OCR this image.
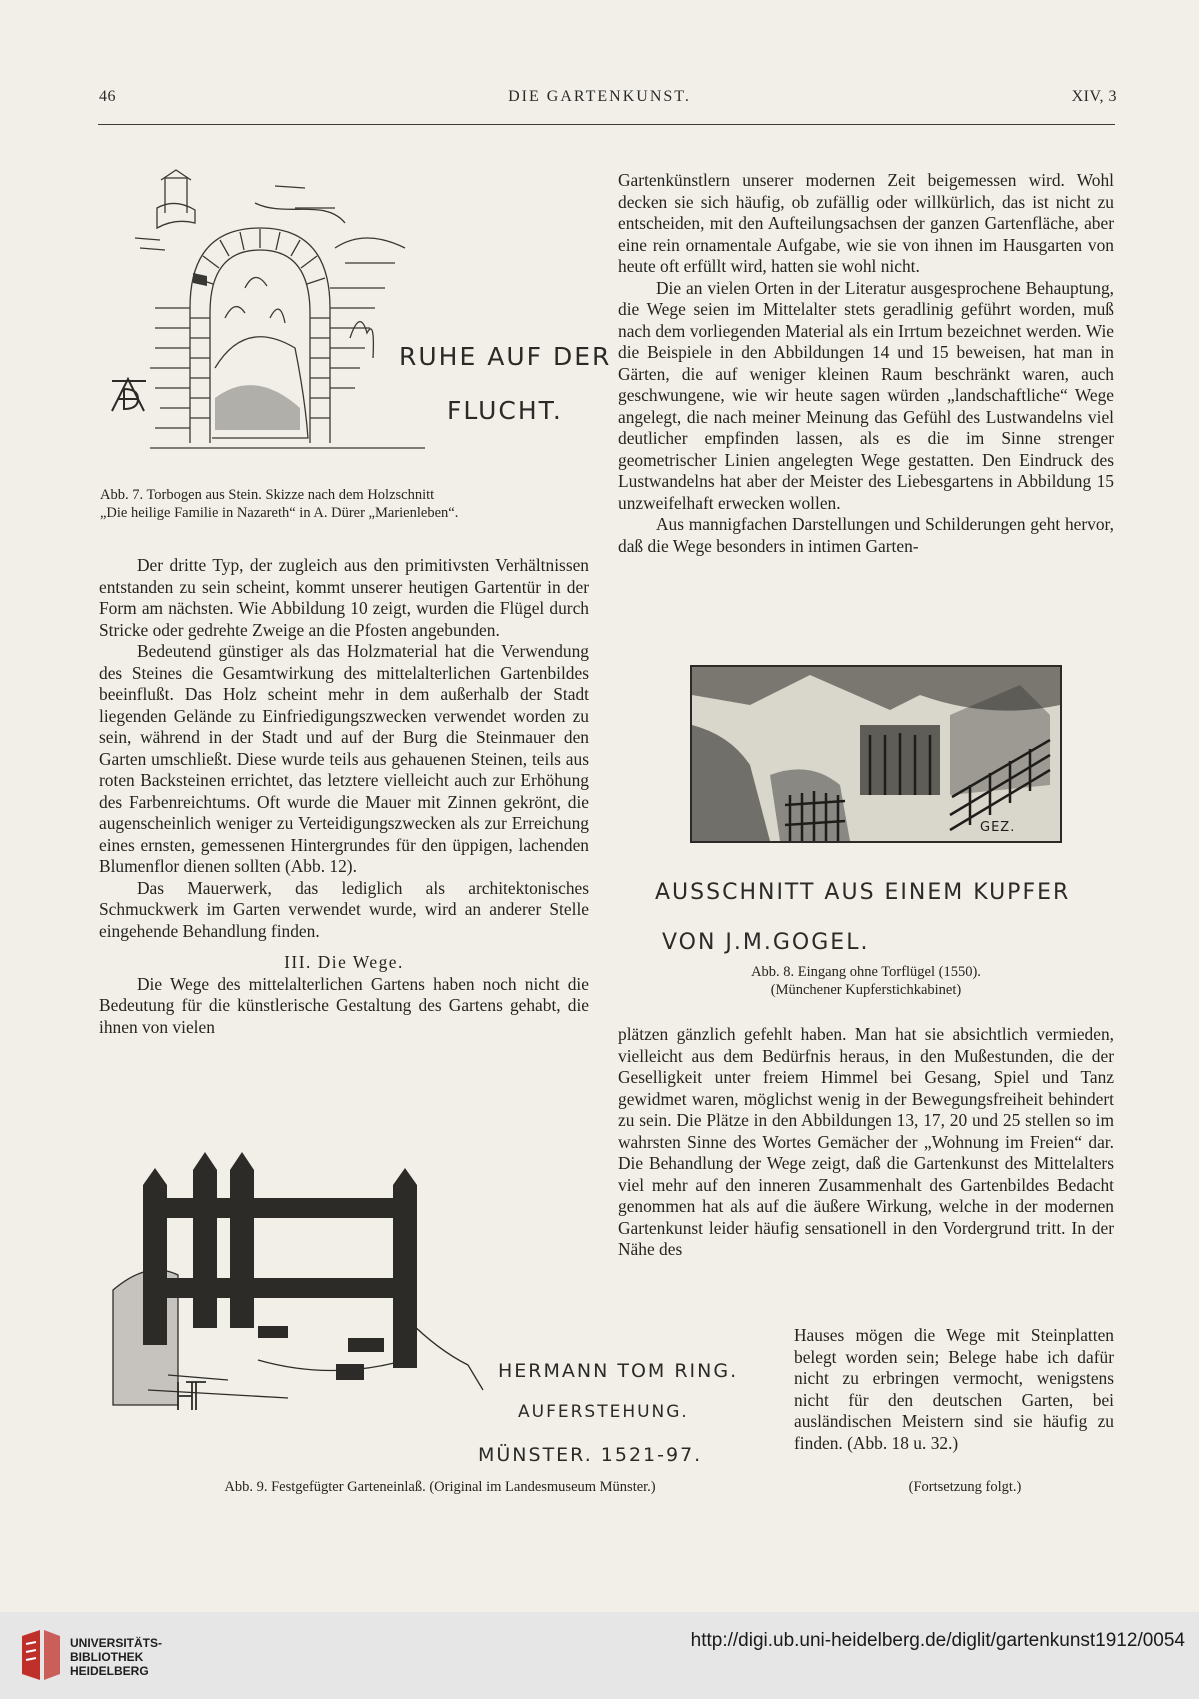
46	DIE GARTENKUNST.	XIV, 3
RUHE AUF DER
FLUCHT.
Abb. 7. Torbogen aus Stein. Skizze nach dem Holzschnitt
„Die heilige Familie in Nazareth“ in A. Dürer „Marienleben“.

Der dritte Typ, der zugleich aus den primitivsten Verhältnissen entstanden zu sein scheint, kommt unserer heutigen Gartentür in der Form am nächsten. Wie Abbildung 10 zeigt, wurden die Flügel durch Stricke oder gedrehte Zweige an die Pfosten angebunden.

Bedeutend günstiger als das Holzmaterial hat die Verwendung des Steines die Gesamtwirkung des mittelalterlichen Gartenbildes beeinflußt. Das Holz scheint mehr in dem außerhalb der Stadt liegenden Gelände zu Einfriedigungszwecken verwendet worden zu sein, während in der Stadt und auf der Burg die Steinmauer den Garten umschließt. Diese wurde teils aus gehauenen Steinen, teils aus roten Backsteinen errichtet, das letztere vielleicht auch zur Erhöhung des Farbenreichtums. Oft wurde die Mauer mit Zinnen gekrönt, die augenscheinlich weniger zu Verteidigungszwecken als zur Erreichung eines ernsten, gemessenen Hintergrundes für den üppigen, lachenden Blumenflor dienen sollten (Abb. 12).

Das Mauerwerk, das lediglich als architektonisches Schmuckwerk im Garten verwendet wurde, wird an anderer Stelle eingehende Behandlung finden.

III. Die Wege.

Die Wege des mittelalterlichen Gartens haben noch nicht die Bedeutung für die künstlerische Gestaltung des Gartens gehabt, die ihnen von vielen

HERMANN TOM RING.
AUFERSTEHUNG.
MÜNSTER. 1521-97.
Abb. 9. Festgefügter Garteneinlaß. (Original im Landesmuseum Münster.)

Gartenkünstlern unserer modernen Zeit beigemessen wird. Wohl decken sie sich häufig, ob zufällig oder willkürlich, das ist nicht zu entscheiden, mit den Aufteilungsachsen der ganzen Gartenfläche, aber eine rein ornamentale Aufgabe, wie sie von ihnen im Hausgarten von heute oft erfüllt wird, hatten sie wohl nicht.

Die an vielen Orten in der Literatur ausgesprochene Behauptung, die Wege seien im Mittelalter stets geradlinig geführt worden, muß nach dem vorliegenden Material als ein Irrtum bezeichnet werden. Wie die Beispiele in den Abbildungen 14 und 15 beweisen, hat man in Gärten, die auf weniger kleinen Raum beschränkt waren, auch geschwungene, wie wir heute sagen würden „landschaftliche“ Wege angelegt, die nach meiner Meinung das Gefühl des Lustwandelns viel deutlicher empfinden lassen, als es die im Sinne strenger geometrischer Linien angelegten Wege gestatten. Den Eindruck des Lustwandelns hat aber der Meister des Liebesgartens in Abbildung 15 unzweifelhaft erwecken wollen.

Aus mannigfachen Darstellungen und Schilderungen geht hervor, daß die Wege besonders in intimen Garten-

GEZ.
AUSSCHNITT AUS EINEM KUPFER
VON J.M.GOGEL.
Abb. 8. Eingang ohne Torflügel (1550).
(Münchener Kupferstichkabinet)

plätzen gänzlich gefehlt haben. Man hat sie absichtlich vermieden, vielleicht aus dem Bedürfnis heraus, in den Mußestunden, die der Geselligkeit unter freiem Himmel bei Gesang, Spiel und Tanz gewidmet waren, möglichst wenig in der Bewegungsfreiheit behindert zu sein. Die Plätze in den Abbildungen 13, 17, 20 und 25 stellen so im wahrsten Sinne des Wortes Gemächer der „Wohnung im Freien“ dar. Die Behandlung der Wege zeigt, daß die Gartenkunst des Mittelalters viel mehr auf den inneren Zusammenhalt des Gartenbildes Bedacht genommen hat als auf die äußere Wirkung, welche in der modernen Gartenkunst leider häufig sensationell in den Vordergrund tritt. In der Nähe des

Hauses mögen die Wege mit Steinplatten belegt worden sein; Belege habe ich dafür nicht zu erbringen vermocht, wenigstens nicht für den deutschen Garten, bei ausländischen Meistern sind sie häufig zu finden. (Abb. 18 u. 32.)

(Fortsetzung folgt.)
UNIVERSITÄTS-
BIBLIOTHEK
HEIDELBERG
http://digi.ub.uni-heidelberg.de/diglit/gartenkunst1912/0054
